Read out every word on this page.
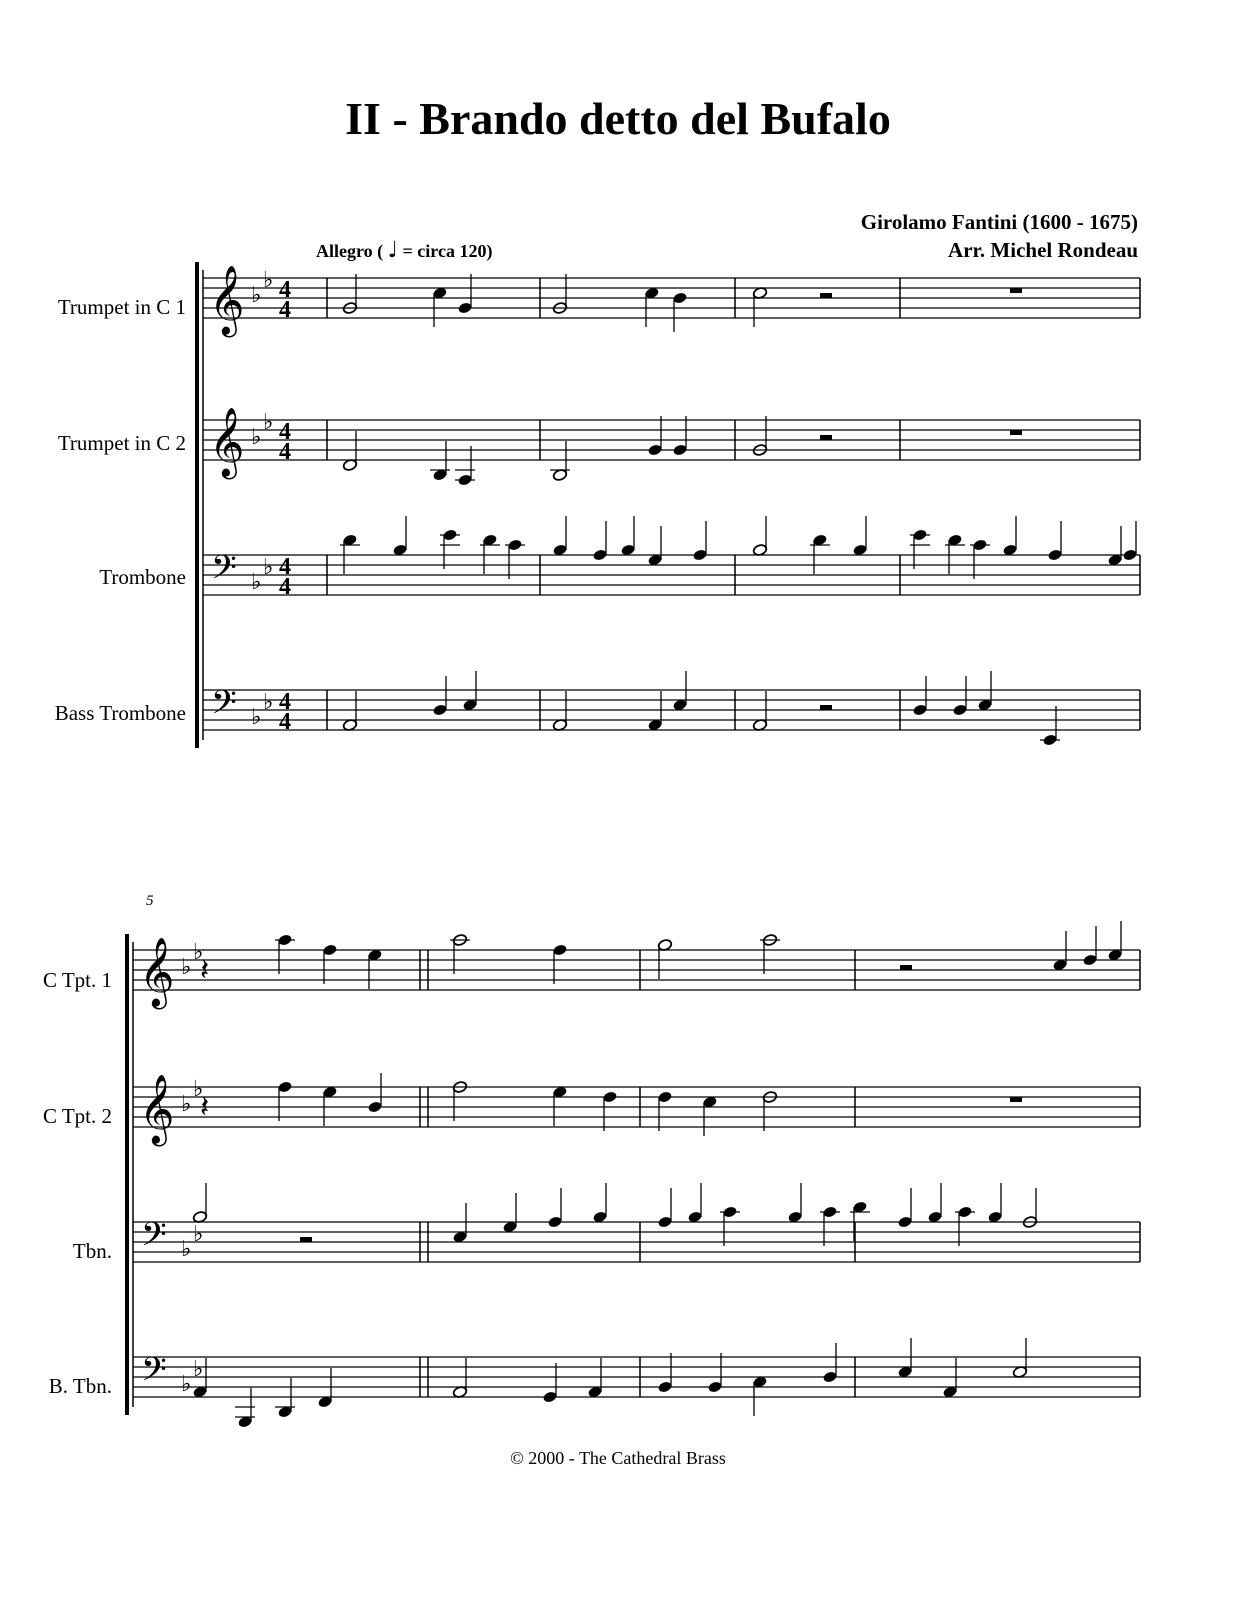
II - Brando detto del Bufalo
Girolamo Fantini (1600 - 1675)
Arr. Michel Rondeau
Allegro ( ♩ = circa 120)
Trumpet in C 1
Trumpet in C 2
Trombone
Bass Trombone
5
C Tpt. 1
C Tpt. 2
Tbn.
B. Tbn.
𝄞 ♭
♭ 4
4
𝄞 ♭
♭ 4
4
𝄢 ♭
♭ 4
4
𝄢 ♭
♭ 4
4
𝄞 ♭
♭
𝄽
𝄞 ♭
♭
𝄽
𝄢 ♭
♭
𝄢 ♭
♭
© 2000 - The Cathedral Brass
